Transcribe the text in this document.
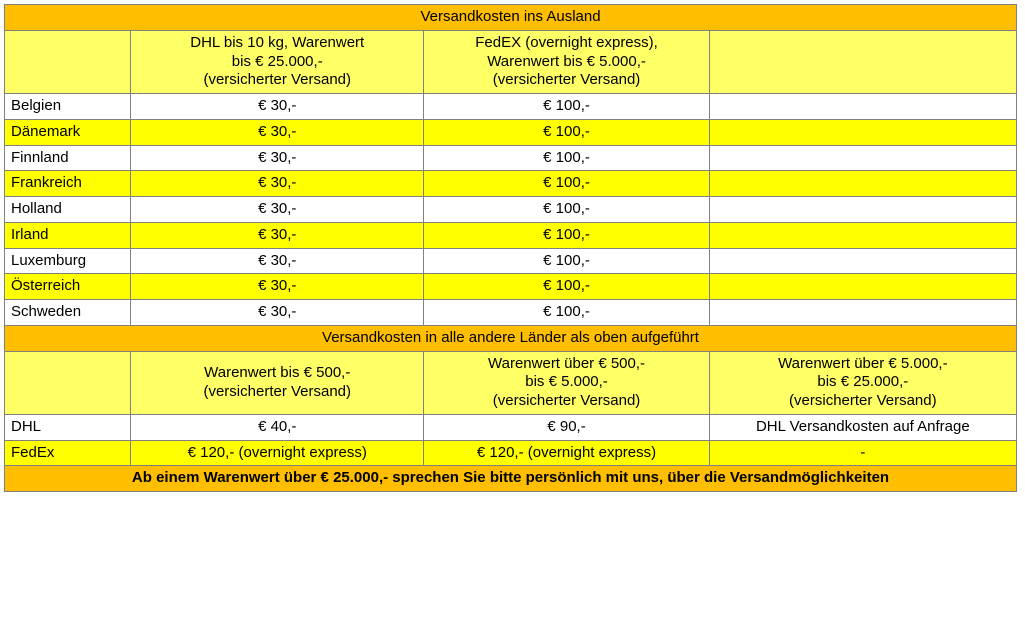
Versandkosten ins Ausland			
	DHL bis 10 kg, Warenwert
bis € 25.000,-
(versicherter Versand)	FedEX (overnight express),
Warenwert bis € 5.000,-
(versicherter Versand)	
Belgien	€ 30,-	€ 100,-	
Dänemark	€ 30,-	€ 100,-	
Finnland	€ 30,-	€ 100,-	
Frankreich	€ 30,-	€ 100,-	
Holland	€ 30,-	€ 100,-	
Irland	€ 30,-	€ 100,-	
Luxemburg	€ 30,-	€ 100,-	
Österreich	€ 30,-	€ 100,-	
Schweden	€ 30,-	€ 100,-	
Versandkosten in alle andere Länder als oben aufgeführt			
	Warenwert bis € 500,-
(versicherter Versand)	Warenwert über € 500,-
bis € 5.000,-
(versicherter Versand)	Warenwert über € 5.000,-
bis € 25.000,-
(versicherter Versand)
DHL	€ 40,-	€ 90,-	DHL Versandkosten auf Anfrage
FedEx	€ 120,- (overnight express)	€ 120,- (overnight express)	-
Ab einem Warenwert über € 25.000,- sprechen Sie bitte persönlich mit uns, über die Versandmöglichkeiten			
